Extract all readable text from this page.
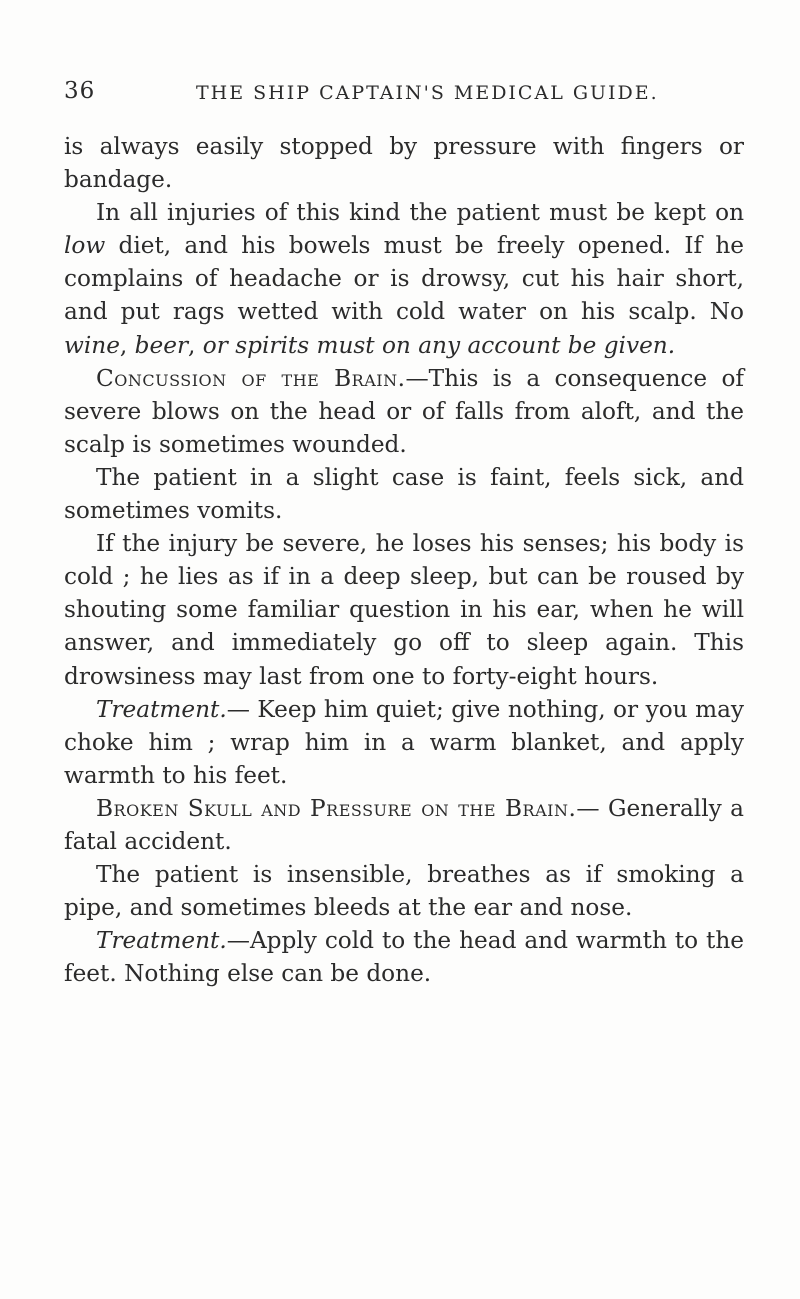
36	THE SHIP CAPTAIN'S MEDICAL GUIDE.

is always easily stopped by pressure with fingers or bandage.

In all injuries of this kind the patient must be kept on low diet, and his bowels must be freely opened. If he complains of headache or is drowsy, cut his hair short, and put rags wetted with cold water on his scalp. No wine, beer, or spirits must on any account be given.

Concussion of the Brain.—This is a consequence of severe blows on the head or of falls from aloft, and the scalp is sometimes wounded.

The patient in a slight case is faint, feels sick, and sometimes vomits.

If the injury be severe, he loses his senses; his body is cold ; he lies as if in a deep sleep, but can be roused by shouting some familiar question in his ear, when he will answer, and immediately go off to sleep again. This drowsiness may last from one to forty-eight hours.

Treatment.— Keep him quiet; give nothing, or you may choke him ; wrap him in a warm blanket, and apply warmth to his feet.

Broken Skull and Pressure on the Brain.— Generally a fatal accident.

The patient is insensible, breathes as if smoking a pipe, and sometimes bleeds at the ear and nose.

Treatment.—Apply cold to the head and warmth to the feet. Nothing else can be done.
